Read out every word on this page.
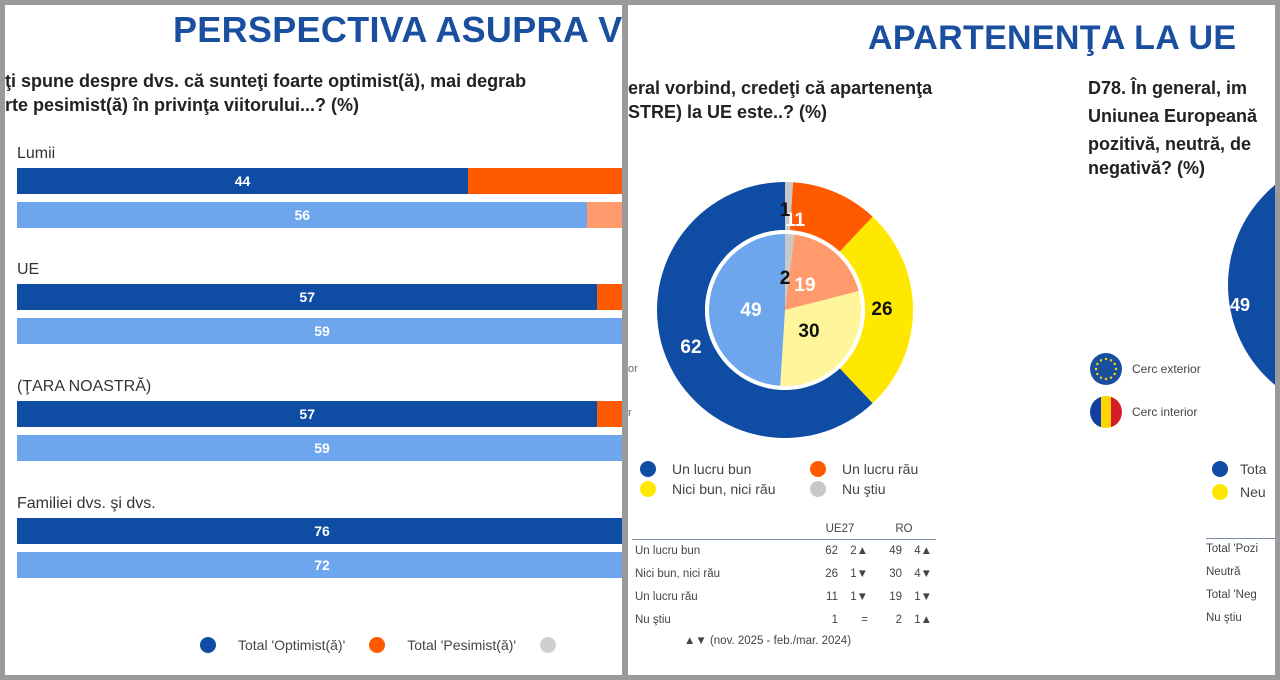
PERSPECTIVA ASUPRA V
ţi spune despre dvs. că sunteţi foarte optimist(ă), mai degrab
rte pesimist(ă) în privinţa viitorului...? (%)
Lumii
44
56
UE
57
59
(ŢARA NOASTRĂ)
57
59
Familiei dvs. şi dvs.
76
72
Total 'Optimist(ă)'	Total 'Pesimist(ă)'
APARTENENŢA LA UE
eral vorbind, credeţi că apartenenţa
STRE) la UE este..? (%)
D78. În general, im
Uniunea Europeană
pozitivă, neutră, de
negativă? (%)
62
11
26
1
49
19
30
2
or
r
Un lucru bun	Un lucru rău
Nici bun, nici rău	Nu ştiu
	UE27		RO	
Un lucru bun	62	2▲	49	4▲
Nici bun, nici rău	26	1▼	30	4▼
Un lucru rău	11	1▼	19	1▼
Nu ştiu	1	=	2	1▲
▲▼ (nov. 2025 - feb./mar. 2024)
Cerc exterior
Cerc interior
49
Tota
Neu
Total 'Pozi
Neutră
Total 'Neg
Nu ştiu
